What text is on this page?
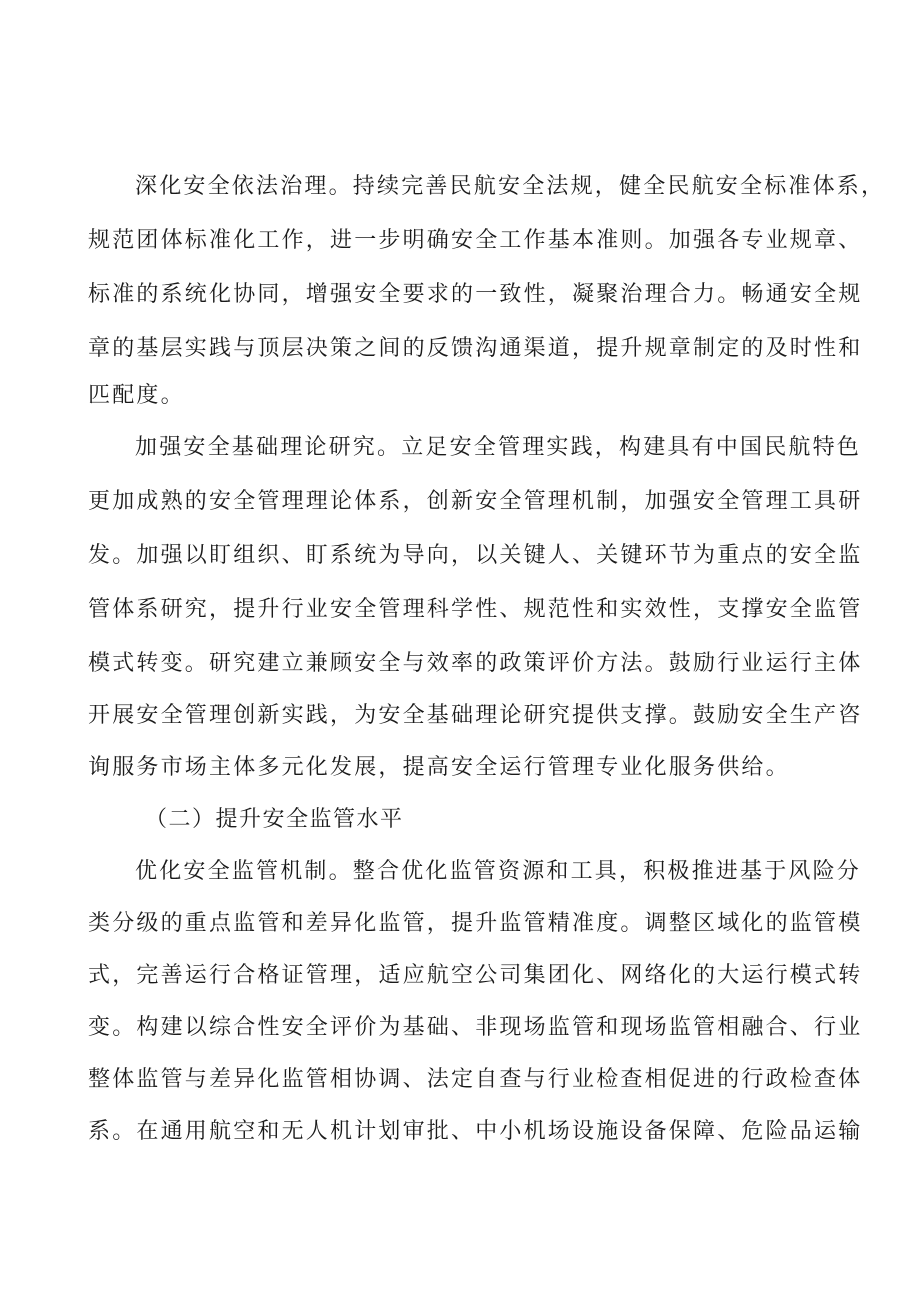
深化安全依法治理。持续完善民航安全法规，健全民航安全标准体系，

规范团体标准化工作，进一步明确安全工作基本准则。加强各专业规章、

标准的系统化协同，增强安全要求的一致性，凝聚治理合力。畅通安全规

章的基层实践与顶层决策之间的反馈沟通渠道，提升规章制定的及时性和

匹配度。

加强安全基础理论研究。立足安全管理实践，构建具有中国民航特色

更加成熟的安全管理理论体系，创新安全管理机制，加强安全管理工具研

发。加强以盯组织、盯系统为导向，以关键人、关键环节为重点的安全监

管体系研究，提升行业安全管理科学性、规范性和实效性，支撑安全监管

模式转变。研究建立兼顾安全与效率的政策评价方法。鼓励行业运行主体

开展安全管理创新实践，为安全基础理论研究提供支撑。鼓励安全生产咨

询服务市场主体多元化发展，提高安全运行管理专业化服务供给。

（二）提升安全监管水平

优化安全监管机制。整合优化监管资源和工具，积极推进基于风险分

类分级的重点监管和差异化监管，提升监管精准度。调整区域化的监管模

式，完善运行合格证管理，适应航空公司集团化、网络化的大运行模式转

变。构建以综合性安全评价为基础、非现场监管和现场监管相融合、行业

整体监管与差异化监管相协调、法定自查与行业检查相促进的行政检查体

系。在通用航空和无人机计划审批、中小机场设施设备保障、危险品运输
